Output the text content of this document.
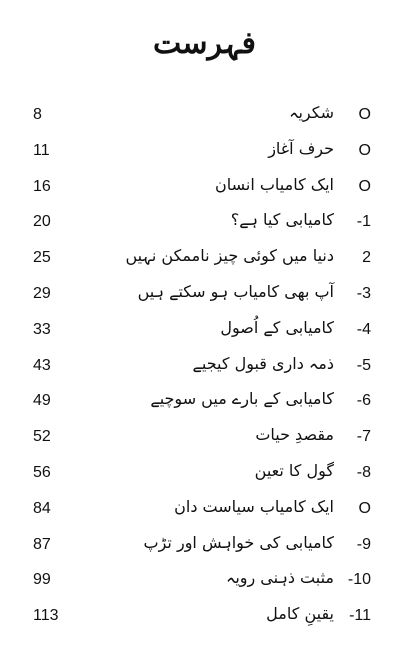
فہرست
8	شکریہ O
11	حرف آغاز O
16	ایک کامیاب انسان O
20	کامیابی کیا ہے؟ -1
25	دنیا میں کوئی چیز ناممکن نہیں 2
29	آپ بھی کامیاب ہو سکتے ہیں -3
33	کامیابی کے اُصول -4
43	ذمہ داری قبول کیجیے -5
49	کامیابی کے بارے میں سوچیے -6
52	مقصدِ حیات -7
56	گول کا تعین -8
84	ایک کامیاب سیاست دان O
87	کامیابی کی خواہش اور تڑپ -9
99	مثبت ذہنی رویہ -10
113	یقینِ کامل -11
